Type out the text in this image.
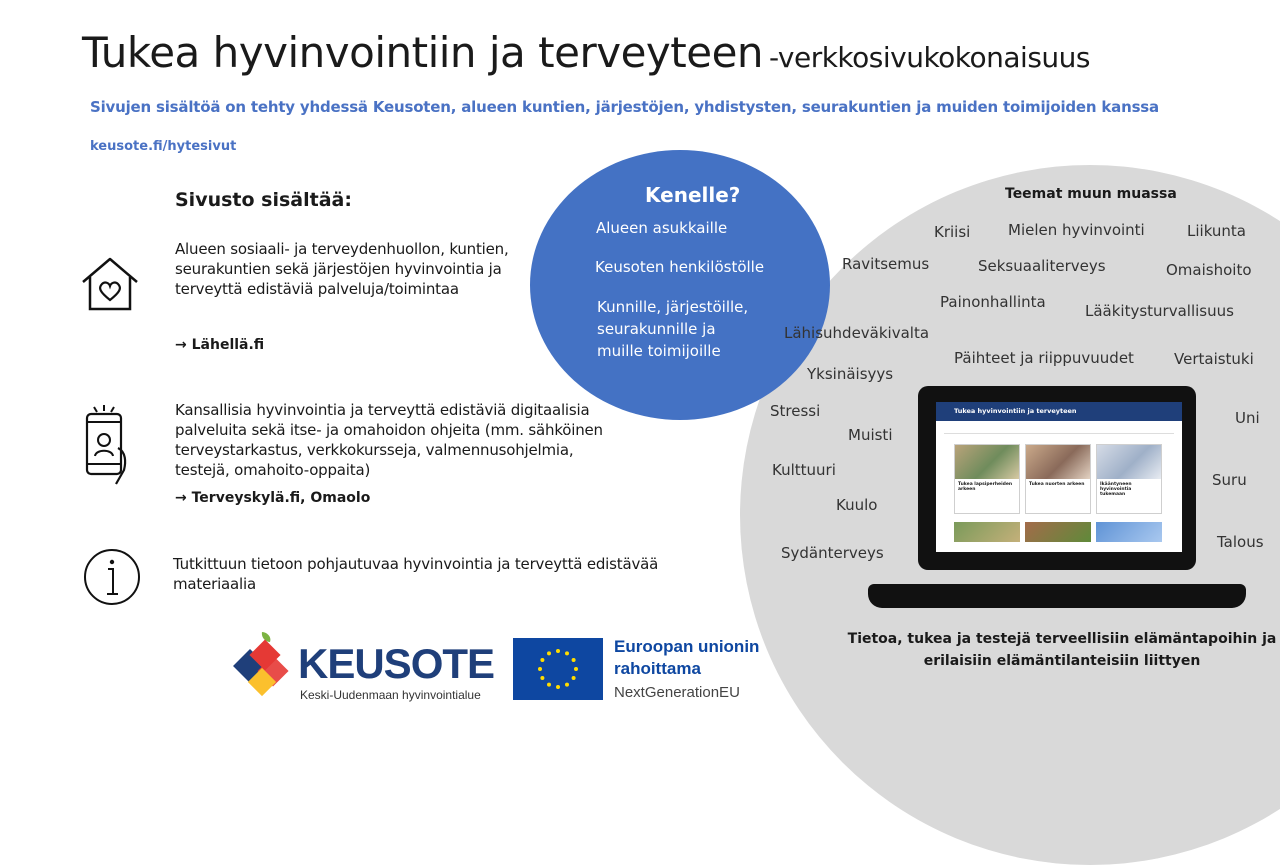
Tukea hyvinvointiin ja terveyteen -verkkosivukokonaisuus
Sivujen sisältöä on tehty yhdessä Keusoten, alueen kuntien, järjestöjen, yhdistysten, seurakuntien ja muiden toimijoiden kanssa
keusote.fi/hytesivut
Sivusto sisältää:
Alueen sosiaali- ja terveydenhuollon, kuntien,
seurakuntien sekä järjestöjen hyvinvointia ja
terveyttä edistäviä palveluja/toimintaa
→ Lähellä.fi
Kansallisia hyvinvointia ja terveyttä edistäviä digitaalisia
palveluita sekä itse- ja omahoidon ohjeita (mm. sähköinen
terveystarkastus, verkkokursseja, valmennusohjelmia,
testejä, omahoito-oppaita)
→ Terveyskylä.fi, Omaolo
Tutkittuun tietoon pohjautuvaa hyvinvointia ja terveyttä edistävää
materiaalia
Kenelle?
Alueen asukkaille
Keusoten henkilöstölle
Kunnille, järjestöille,
seurakunnille ja
muille toimijoille
Teemat muun muassa
Kriisi	Mielen hyvinvointi	Liikunta
Ravitsemus	Seksuaaliterveys	Omaishoito
Painonhallinta	Lääkitysturvallisuus
Lähisuhdeväkivalta
Päihteet ja riippuvuudet	Vertaistuki
Yksinäisyys
Stressi	Uni
Muisti
Kulttuuri
Suru
Kuulo
Sydänterveys
Talous
Tukea hyvinvointiin ja terveyteen
Tukea lapsiperheiden arkeen
Tukea nuorten arkeen	Ikääntyneen hyvinvointia tukemaan
Tietoa, tukea ja testejä terveellisiin elämäntapoihin ja
erilaisiin elämäntilanteisiin liittyen
KEUSOTE
Keski-Uudenmaan hyvinvointialue
Euroopan unionin
rahoittama
NextGenerationEU
